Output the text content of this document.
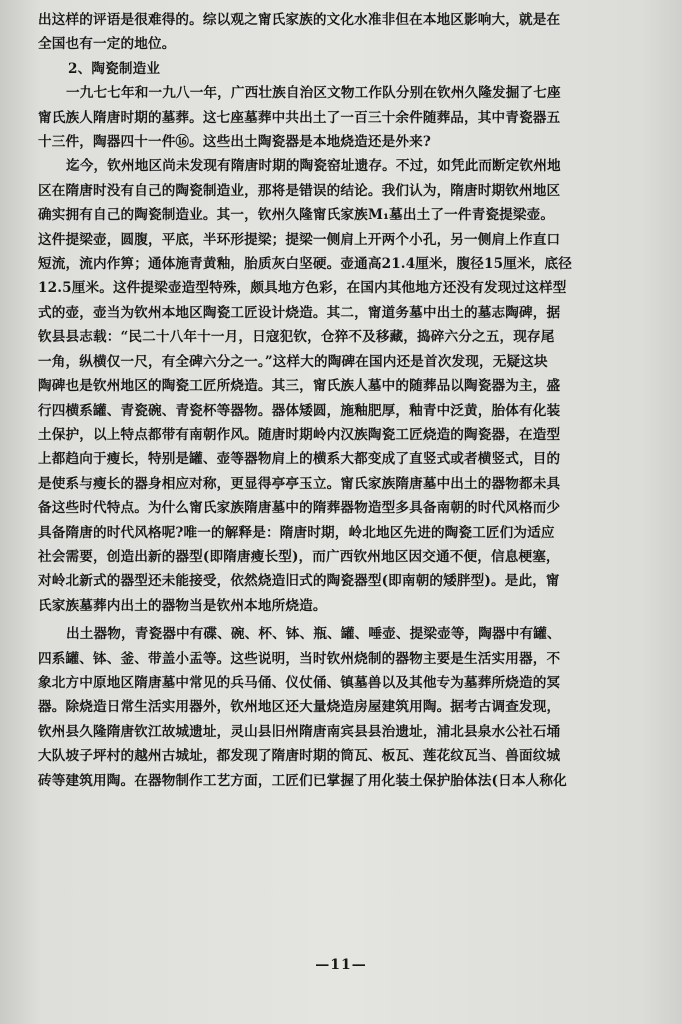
出这样的评语是很难得的。综以观之甯氏家族的文化水准非但在本地区影响大，就是在
全国也有一定的地位。
2、陶瓷制造业
一九七七年和一九八一年，广西壮族自治区文物工作队分别在钦州久隆发掘了七座
甯氏族人隋唐时期的墓葬。这七座墓葬中共出土了一百三十余件随葬品，其中青瓷器五
十三件，陶器四十一件⑯。这些出土陶瓷器是本地烧造还是外来?
迄今，钦州地区尚未发现有隋唐时期的陶瓷窑址遗存。不过，如凭此而断定钦州地
区在隋唐时没有自己的陶瓷制造业，那将是错误的结论。我们认为，隋唐时期钦州地区
确实拥有自己的陶瓷制造业。其一，钦州久隆甯氏家族M₁墓出土了一件青瓷提梁壶。
这件提梁壶，圆腹，平底，半环形提梁；提梁一侧肩上开两个小孔，另一侧肩上作直口
短流，流内作箅；通体施青黄釉，胎质灰白坚硬。壶通高21.4厘米，腹径15厘米，底径
12.5厘米。这件提梁壶造型特殊，颇具地方色彩，在国内其他地方还没有发现过这样型
式的壶，壶当为钦州本地区陶瓷工匠设计烧造。其二，甯道务墓中出土的墓志陶碑，据
钦县县志载：“民二十八年十一月，日寇犯钦，仓猝不及移藏，捣碎六分之五，现存尾
一角，纵横仅一尺，有全碑六分之一。”这样大的陶碑在国内还是首次发现，无疑这块
陶碑也是钦州地区的陶瓷工匠所烧造。其三，甯氏族人墓中的随葬品以陶瓷器为主，盛
行四横系罐、青瓷碗、青瓷杯等器物。器体矮圆，施釉肥厚，釉青中泛黄，胎体有化装
土保护，以上特点都带有南朝作风。随唐时期岭内汉族陶瓷工匠烧造的陶瓷器，在造型
上都趋向于瘦长，特别是罐、壶等器物肩上的横系大都变成了直竖式或者横竖式，目的
是使系与瘦长的器身相应对称，更显得亭亭玉立。甯氏家族隋唐墓中出土的器物都未具
备这些时代特点。为什么甯氏家族隋唐墓中的隋葬器物造型多具备南朝的时代风格而少
具备隋唐的时代风格呢?唯一的解释是：隋唐时期，岭北地区先进的陶瓷工匠们为适应
社会需要，创造出新的器型(即隋唐瘦长型)，而广西钦州地区因交通不便，信息梗塞，
对岭北新式的器型还未能接受，依然烧造旧式的陶瓷器型(即南朝的矮胖型)。是此，甯
氏家族墓葬内出土的器物当是钦州本地所烧造。
出土器物，青瓷器中有碟、碗、杯、钵、瓶、罐、唾壶、提梁壶等，陶器中有罐、
四系罐、钵、釜、带盖小盂等。这些说明，当时钦州烧制的器物主要是生活实用器，不
象北方中原地区隋唐墓中常见的兵马俑、仪仗俑、镇墓兽以及其他专为墓葬所烧造的冥
器。除烧造日常生活实用器外，钦州地区还大量烧造房屋建筑用陶。据考古调查发现，
钦州县久隆隋唐钦江故城遗址，灵山县旧州隋唐南宾县县治遗址，浦北县泉水公社石埇
大队坡子坪村的越州古城址，都发现了隋唐时期的筒瓦、板瓦、莲花纹瓦当、兽面纹城
砖等建筑用陶。在器物制作工艺方面，工匠们已掌握了用化装土保护胎体法(日本人称化
—11—
